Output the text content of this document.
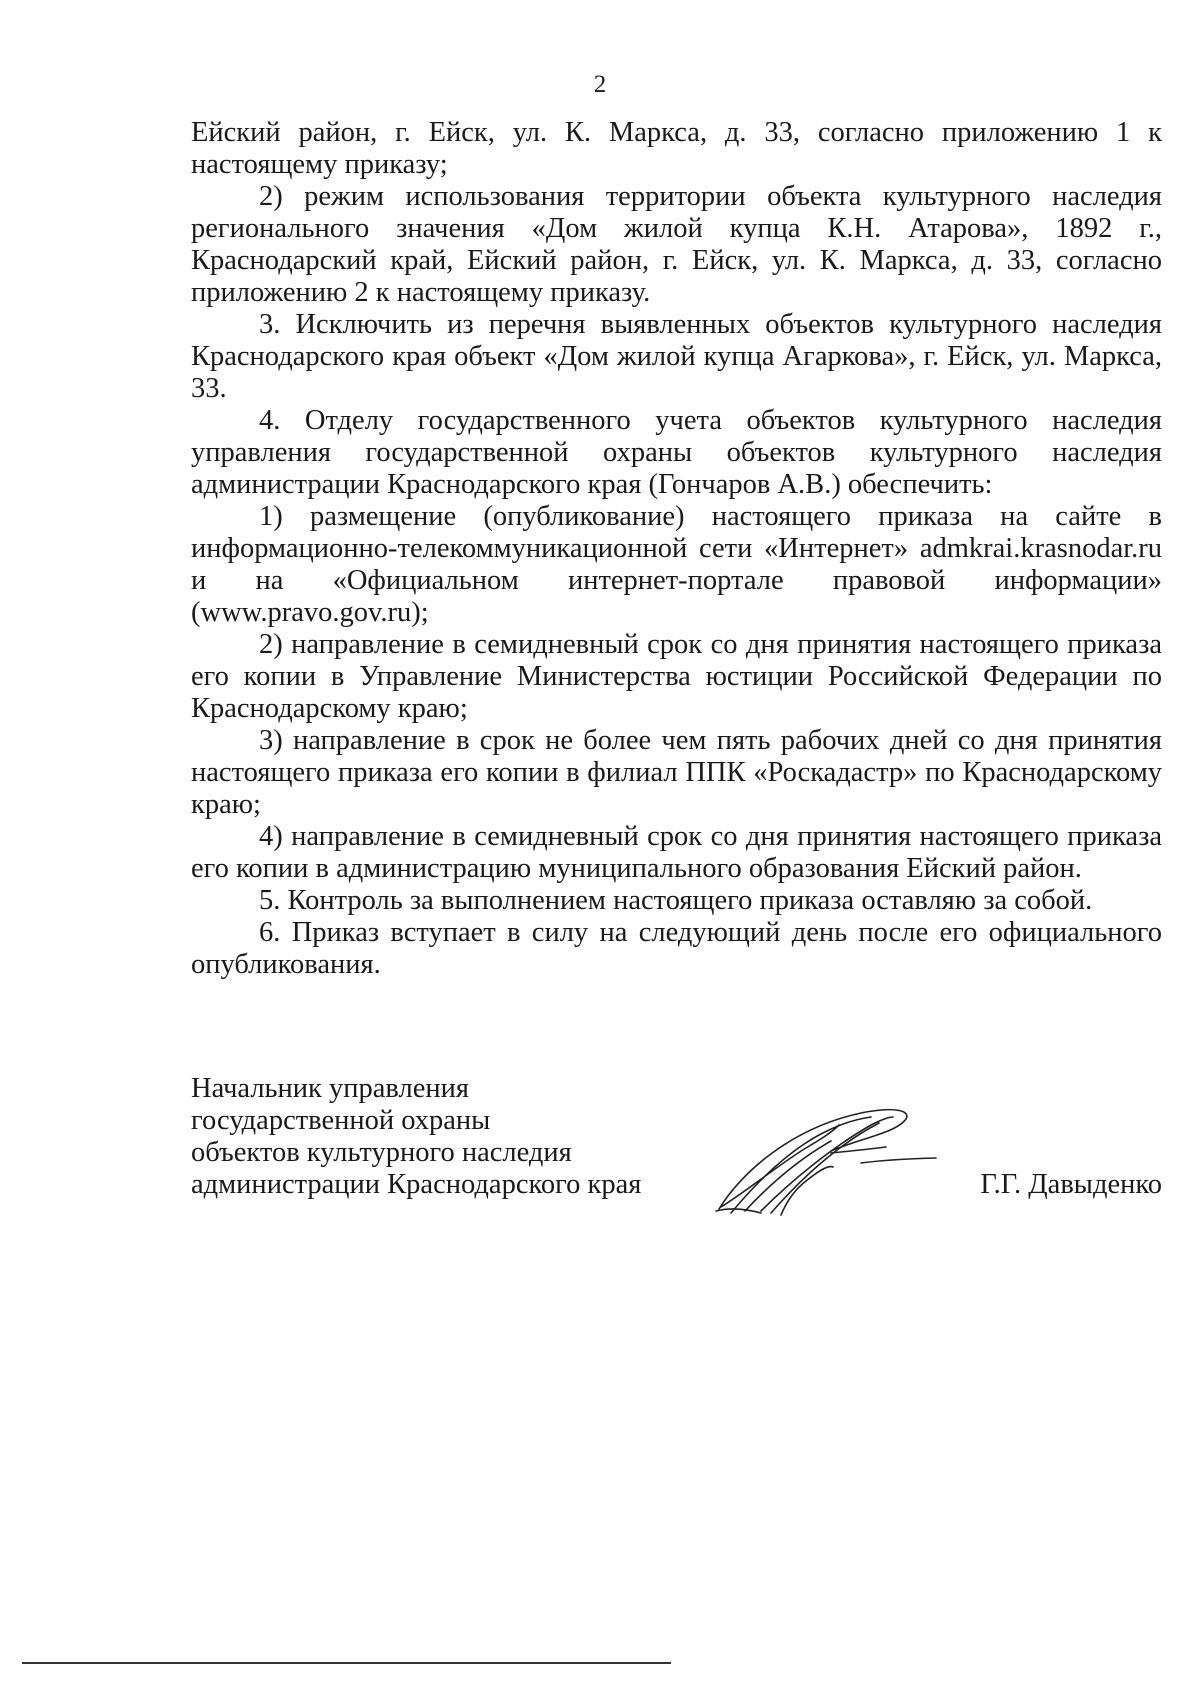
2

Ейский район, г. Ейск, ул. К. Маркса, д. 33, согласно приложению 1 к настоящему приказу;

2) режим использования территории объекта культурного наследия регионального значения «Дом жилой купца К.Н. Атарова», 1892 г., Краснодарский край, Ейский район, г. Ейск, ул. К. Маркса, д. 33, согласно приложению 2 к настоящему приказу.

3. Исключить из перечня выявленных объектов культурного наследия Краснодарского края объект «Дом жилой купца Агаркова», г. Ейск, ул. Маркса, 33.

4. Отделу государственного учета объектов культурного наследия управления государственной охраны объектов культурного наследия администрации Краснодарского края (Гончаров А.В.) обеспечить:

1) размещение (опубликование) настоящего приказа на сайте в информационно-телекоммуникационной сети «Интернет» admkrai.krasnodar.ru и на «Официальном интернет-портале правовой информации» (www.pravo.gov.ru);

2) направление в семидневный срок со дня принятия настоящего приказа его копии в Управление Министерства юстиции Российской Федерации по Краснодарскому краю;

3) направление в срок не более чем пять рабочих дней со дня принятия настоящего приказа его копии в филиал ППК «Роскадастр» по Краснодарскому краю;

4) направление в семидневный срок со дня принятия настоящего приказа его копии в администрацию муниципального образования Ейский район.

5. Контроль за выполнением настоящего приказа оставляю за собой.

6. Приказ вступает в силу на следующий день после его официального опубликования.

Начальник управления
государственной охраны
объектов культурного наследия
администрации Краснодарского края	Г.Г. Давыденко
